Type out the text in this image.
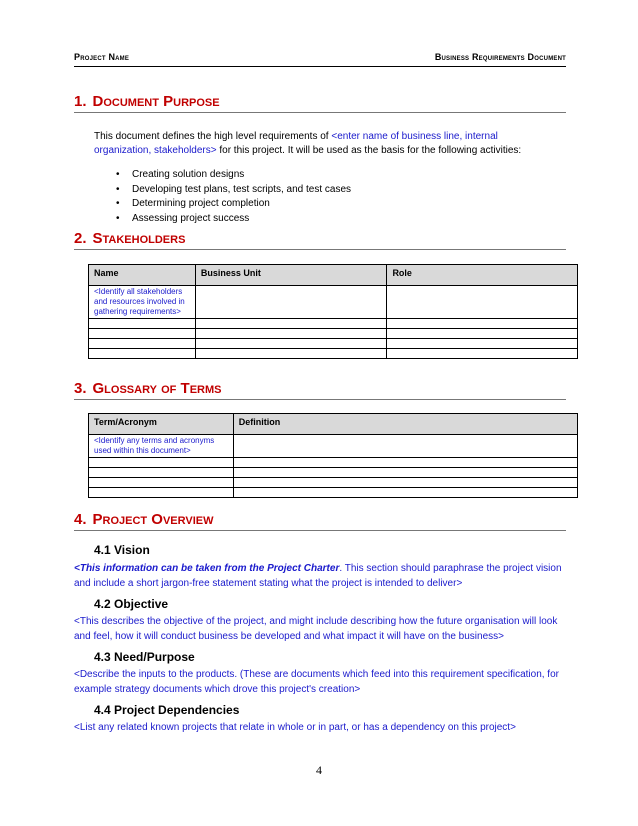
Project Name	Business Requirements Document
1. Document Purpose
This document defines the high level requirements of <enter name of business line, internal organization, stakeholders> for this project. It will be used as the basis for the following activities:
• Creating solution designs
• Developing test plans, test scripts, and test cases
• Determining project completion
• Assessing project success
2. Stakeholders
Name	Business Unit	Role
<Identify all stakeholders and resources involved in gathering requirements>		

3. Glossary of Terms
Term/Acronym	Definition
<Identify any terms and acronyms used within this document>	

4. Project Overview
4.1 Vision
<This information can be taken from the Project Charter. This section should paraphrase the project vision and include a short jargon-free statement stating what the project is intended to deliver>
4.2 Objective
<This describes the objective of the project, and might include describing how the future organisation will look and feel, how it will conduct business be developed and what impact it will have on the business>
4.3 Need/Purpose
<Describe the inputs to the products. (These are documents which feed into this requirement specification, for example strategy documents which drove this project's creation>
4.4 Project Dependencies
<List any related known projects that relate in whole or in part, or has a dependency on this project>
4
